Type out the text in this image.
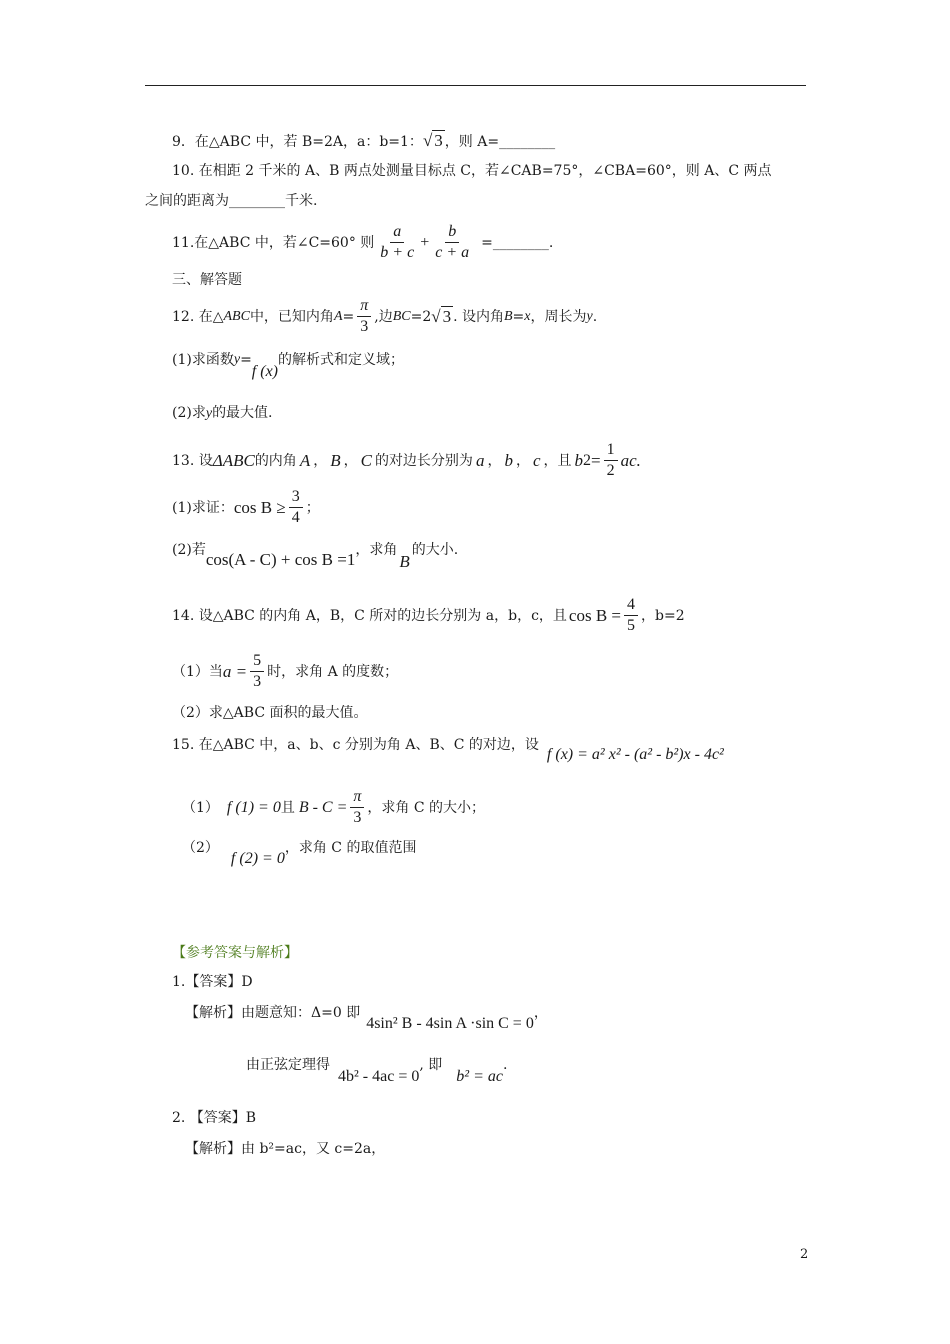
9．在△ABC 中，若 B=2A，a：b=1：√ 3 ，则 A=________
10. 在相距 2 千米的 A、B 两点处测量目标点 C，若∠CAB=75°，∠CBA=60°，则 A、C 两点
之间的距离为________千米.
11.在△ABC 中，若∠C=60° 则 $\frac{a}{b + c} + \frac{b}{c + a}$ =________.
三、解答题
12. 在△ ABC 中，已知内角 $A = \frac{\pi}{3}$ ,边 BC =2 √ 3 . 设内角 B = x ，周长为 y .
(1)求函数 y =
f (x)
的解析式和定义域；
(2)求y的最大值.
13. 设 ΔABC 的内角 A ， B ， C 的对边长分别为 a ， b ， c ，且 b $2 = \frac{1}{2}$ ac.
(1)求证： $\cos B \ge \frac{3}{4}$ ；
(2)若 cos(A - C) + cos B =1 ，求角
B
的大小.
14. 设△ABC 的内角 A，B，C 所对的边长分别为 a，b，c，且 $\cos B = \frac{4}{5}$ ，b=2
（1）当 $a = \frac{5}{3}$ 时，求角 A 的度数；
（2）求△ABC 面积的最大值。
15. 在△ABC 中，a、b、c 分别为角 A、B、C 的对边，设
f (x) = a² x² - (a² - b²)x - 4c²
（1） f (1) = 0 且 $B - C = \frac{\pi}{3}$ ，求角 C 的大小；
（2）
f (2) = 0
，求角 C 的取值范围
【参考答案与解析】
1.【答案】D
【解析】由题意知：Δ=0 即
4sin² B - 4sin A ·sin C = 0
，
由正弦定理得
4b² - 4ac = 0
, 即
b² = ac
.
2. 【答案】B
【解析】由 b²=ac，又 c=2a，
2
